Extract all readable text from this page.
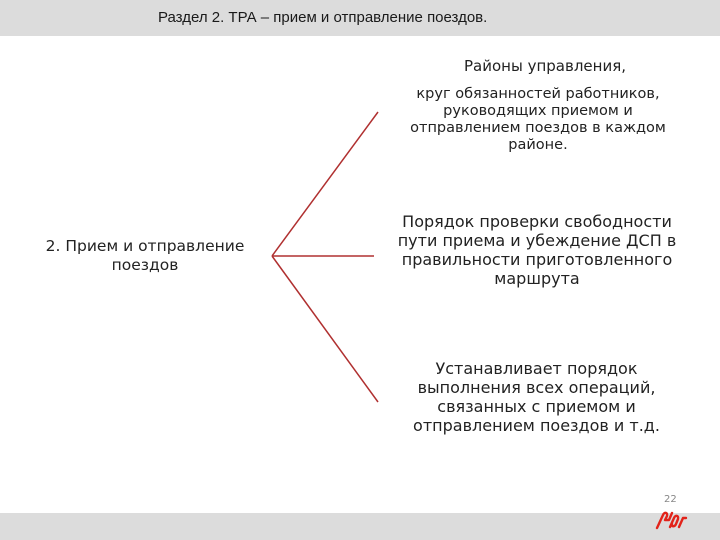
Раздел 2. ТРА – прием и отправление поездов.
2. Прием и отправление поездов
Районы управления,
круг обязанностей работников, руководящих приемом и отправлением поездов в каждом районе.
Порядок проверки свободности пути приема и убеждение ДСП в правильности приготовленного маршрута
Устанавливает порядок выполнения всех операций, связанных с приемом и отправлением поездов и т.д.
22
